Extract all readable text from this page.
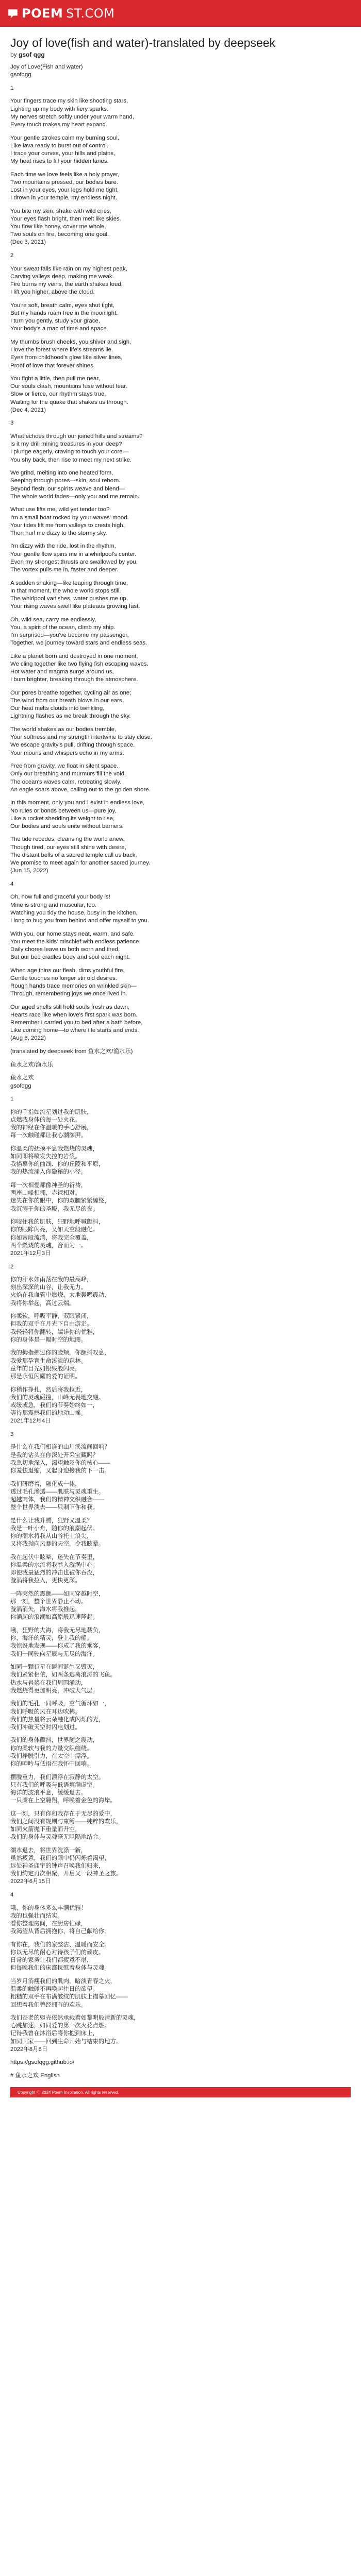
POEM ST.COM
Joy of love(fish and water)-translated by deepseek

by gsof qgg

Joy of Love(Fish and water)
gsofqgg
1
Your fingers trace my skin like shooting stars,
Lighting up my body with fiery sparks.
My nerves stretch softly under your warm hand,
Every touch makes my heart expand.
Your gentle strokes calm my burning soul,
Like lava ready to burst out of control.
I trace your curves, your hills and plains,
My heat rises to fill your hidden lanes.
Each time we love feels like a holy prayer,
Two mountains pressed, our bodies bare.
Lost in your eyes, your legs hold me tight,
I drown in your temple, my endless night.
You bite my skin, shake with wild cries,
Your eyes flash bright, then melt like skies.
You flow like honey, cover me whole,
Two souls on fire, becoming one goal.
(Dec 3, 2021)
2
Your sweat falls like rain on my highest peak,
Carving valleys deep, making me weak.
Fire burns my veins, the earth shakes loud,
I lift you higher, above the cloud.
You're soft, breath calm, eyes shut tight,
But my hands roam free in the moonlight.
I turn you gently, study your grace,
Your body's a map of time and space.
My thumbs brush cheeks, you shiver and sigh,
I love the forest where life's streams lie.
Eyes from childhood's glow like silver lines,
Proof of love that forever shines.
You fight a little, then pull me near,
Our souls clash, mountains fuse without fear.
Slow or fierce, our rhythm stays true,
Waiting for the quake that shakes us through.
(Dec 4, 2021)
3
What echoes through our joined hills and streams?
Is it my drill mining treasures in your deep?
I plunge eagerly, craving to touch your core—
You shy back, then rise to meet my next strike.
We grind, melting into one heated form,
Seeping through pores—skin, soul reborn.
Beyond flesh, our spirits weave and blend—
The whole world fades—only you and me remain.
What use lifts me, wild yet tender too?
I'm a small boat rocked by your waves' mood.
Your tides lift me from valleys to crests high,
Then hurl me dizzy to the stormy sky.
I'm dizzy with the ride, lost in the rhythm,
Your gentle flow spins me in a whirlpool's center.
Even my strongest thrusts are swallowed by you,
The vortex pulls me in, faster and deeper.
A sudden shaking—like leaping through time,
In that moment, the whole world stops still.
The whirlpool vanishes, water pushes me up,
Your rising waves swell like plateaus growing fast.
Oh, wild sea, carry me endlessly,
You, a spirit of the ocean, climb my ship.
I'm surprised—you've become my passenger,
Together, we journey toward stars and endless seas.
Like a planet born and destroyed in one moment,
We cling together like two flying fish escaping waves.
Hot water and magma surge around us,
I burn brighter, breaking through the atmosphere.
Our pores breathe together, cycling air as one;
The wind from our breath blows in our ears.
Our heat melts clouds into twinkling,
Lightning flashes as we break through the sky.
The world shakes as our bodies tremble,
Your softness and my strength intertwine to stay close.
We escape gravity's pull, drifting through space.
Your mouns and whispers echo in my arms.
Free from gravity, we float in silent space.
Only our breathing and murmurs fill the void.
The ocean's waves calm, retreating slowly.
An eagle soars above, calling out to the golden shore.
In this moment, only you and I exist in endless love,
No rules or bonds between us—pure joy,
Like a rocket shedding its weight to rise,
Our bodies and souls unite without barriers.
The tide recedes, cleansing the world anew,
Though tired, our eyes still shine with desire,
The distant bells of a sacred temple call us back,
We promise to meet again for another sacred journey.
(Jun 15, 2022)
4
Oh, how full and graceful your body is!
Mine is strong and muscular, too.
Watching you tidy the house, busy in the kitchen,
I long to hug you from behind and offer myself to you.
With you, our home stays neat, warm, and safe.
You meet the kids' mischief with endless patience.
Daily chores leave us both worn and tired,
But our bed cradles body and soul each night.
When age thins our flesh, dims youthful fire,
Gentle touches no longer stir old desires.
Rough hands trace memories on wrinkled skin—
Through, remembering joys we once lived in.
Our aged shells still hold souls fresh as dawn,
Hearts race like when love's first spark was born.
Remember I carried you to bed after a bath before,
Like coming home—to where life starts and ends.
(Aug 6, 2022)
(translated by deepseek from 鱼水之欢/渔水乐)
鱼水之欢/渔水乐
鱼水之欢
gsofqgg
1
你的手指如流星划过我的肌肤，
点燃我身体的每一处火花。
我的神经在你温暖的手心舒展，
每一次触碰都让我心潮澎湃。
你温柔的抚摸平息我燃烧的灵魂，
如同即将喷发失控的岩浆。
我描摹你的曲线、你的丘陵和平原，
我的热流涌入你隐秘的小径。
每一次相爱都像神圣的祈祷，
两座山峰相拥，赤裸相对。
迷失在你的眼中，你的双腿紧紧缠绕，
我沉溺于你的圣殿，我无尽的夜。
你咬住我的肌肤，狂野地呼喊颤抖，
你的眼眸闪亮，又如天空般融化。
你如蜜般流淌，将我完全覆盖，
两个燃烧的灵魂，合而为一。
2021年12月3日
2
你的汗水如雨落在我的最高峰，
刻出深深的山谷，让我无力。
火焰在我血管中燃烧，大地轰鸣震动，
我将你举起，高过云端。
你柔软，呼吸平静，双眼紧闭，
但我的双手在月光下自由游走。
我轻轻将你翻转，端详你的优雅，
你的身体是一幅时空的地图。
我的拇指拂过你的脸颊，你颤抖叹息，
我爱那孕育生命溪流的森林。
童年的目光如银线般闪亮，
那是永恒闪耀的爱的证明。
你稍作挣扎，然后将我拉近，
我们的灵魂碰撞，山峰无畏地交融。
或缓或急，我们的节奏始终如一，
等待那震撼我们的地动山摇。
2021年12月4日
3
是什么在我们相连的山川溪流间回响？
是我的钻头在你深处开采宝藏吗？
我急切地深入，渴望触及你的核心——
你羞怯退缩，又起身迎接我的下一击。
我们研磨着，融化成一体，
透过毛孔渗透——肌肤与灵魂重生。
超越肉体，我们的精神交织融合——
整个世界淡去——只剩下你和我。
是什么让我升腾，狂野又温柔？
我是一叶小舟，随你的浪潮起伏。
你的潮水将我从山谷托上浪尖，
又将我抛向风暴的天空，令我眩晕。
我在起伏中眩晕，迷失在节奏里，
你温柔的水流将我卷入漩涡中心。
即使我最猛烈的冲击也被你吞没，
漩涡将我拉入，更快更深。
一阵突然的震颤——如同穿越时空，
那一刻，整个世界静止不动。
漩涡消失，海水将我推起，
你涌起的浪潮如高原般迅速隆起。
哦，狂野的大海，将我无尽地载负，
你，海洋的精灵，登上我的船。
我惊讶地发现——你成了我的乘客，
我们一同驶向星辰与无尽的海洋。
如同一颗行星在瞬间诞生又毁灭，
我们紧紧相依，如两条逃离浪涛的飞鱼。
热水与岩浆在我们周围涌动，
我燃烧得更加明亮，冲破大气层。
我们的毛孔一同呼吸，空气循环如一，
我们呼吸的风在耳边吹拂。
我们的热量将云朵融化成闪烁的光，
我们冲破天空时闪电划过。
我们的身体颤抖，世界随之震动，
你的柔软与我的力量交织缠绕。
我们挣脱引力，在太空中漂浮。
你的呻吟与低语在我怀中回响。
摆脱重力，我们漂浮在寂静的太空。
只有我们的呼吸与低语填满虚空。
海洋的波浪平息，缓缓退去。
一只鹰在上空翱翔，呼唤着金色的海岸。
这一刻，只有你和我存在于无尽的爱中，
我们之间没有规则与束缚——纯粹的欢乐，
如同火箭抛下重量而升空，
我们的身体与灵魂毫无阻隔地结合。
潮水退去，将世界洗涤一新，
虽然疲惫，我们的眼中仍闪烁着渴望，
远处神圣庙宇的钟声召唤我们归来，
我们约定再次相聚，开启又一段神圣之旅。
2022年6月15日
4
哦，你的身体多么丰满优雅！
我的也强壮而结实。
看你整理房间，在厨房忙碌，
我渴望从背后拥抱你，将自己献给你。
有你在，我们的家整洁、温暖而安全。
你以无尽的耐心对待孩子们的顽皮。
日常的家务让我们都疲惫不堪，
但每晚我们的床都抚慰着身体与灵魂。
当岁月消瘦我们的肌肉，暗淡青春之火，
温柔的触碰不再唤起往日的欲望。
粗糙的双手在布满皱纹的肌肤上描摹回忆——
回想着我们曾经拥有的欢乐。
我们苍老的躯壳依然承载着如黎明般清新的灵魂，
心跳加速，如同爱的第一次火花点燃。
记得我曾在沐浴后将你抱到床上，
如同回家——回到生命开始与结束的地方。
2022年8月6日
https://gsofqgg.github.io/
# 鱼水之欢 English
Copyright Ⓒ 2024 Poem Inspiration. All rights reserved.
